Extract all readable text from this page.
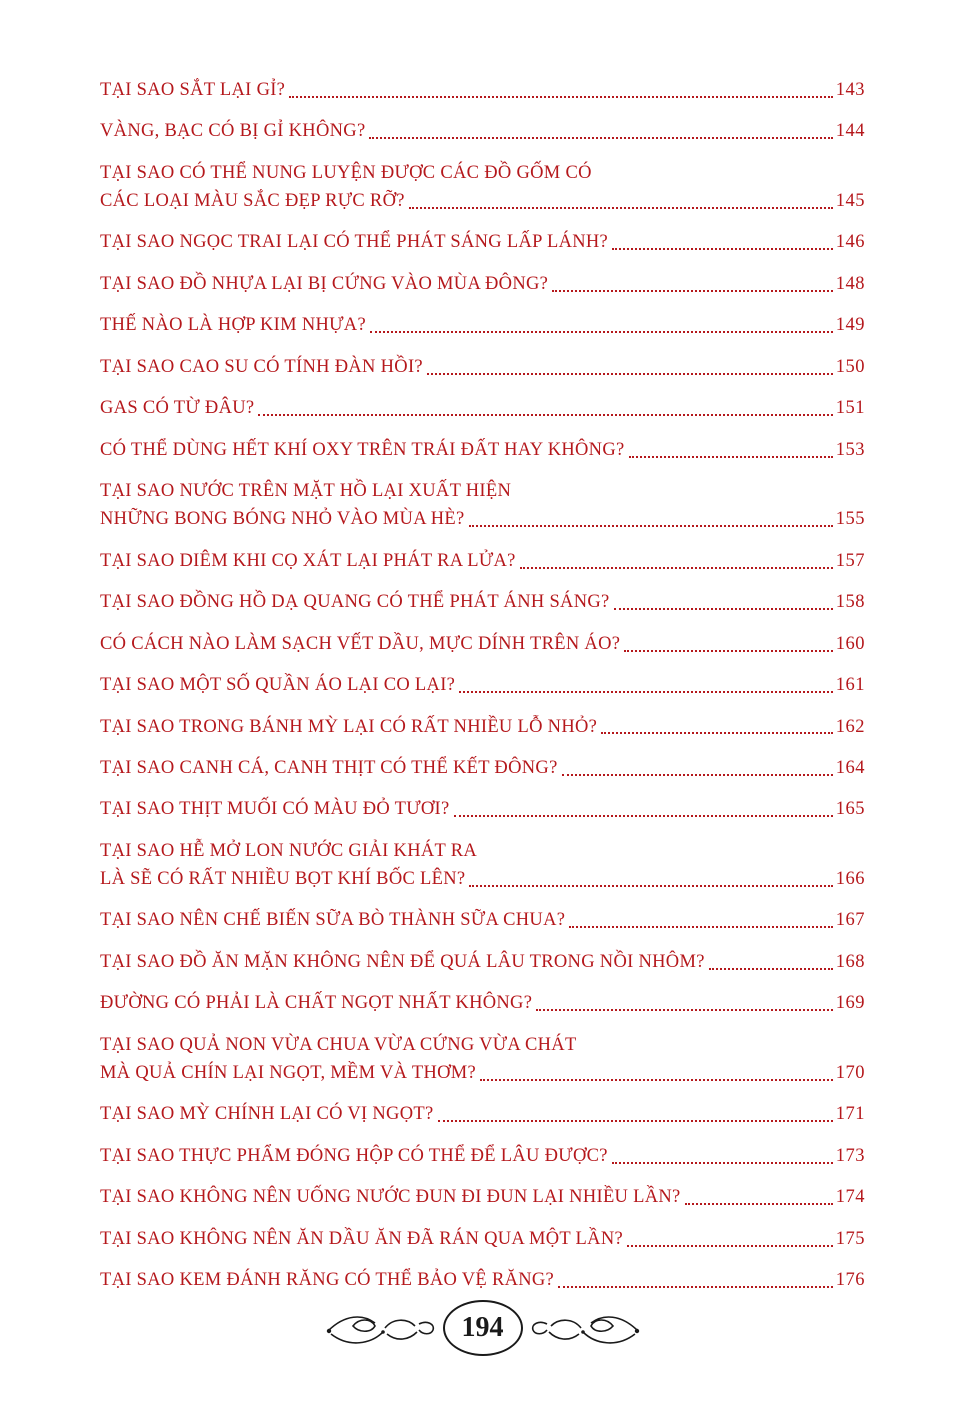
TẠI SAO SẮT LẠI GỈ?	143
VÀNG, BẠC CÓ BỊ GỈ KHÔNG?	144
TẠI SAO CÓ THỂ NUNG LUYỆN ĐƯỢC CÁC ĐỒ GỐM CÓ
CÁC LOẠI MÀU SẮC ĐẸP RỰC RỠ?	145
TẠI SAO NGỌC TRAI LẠI CÓ THỂ PHÁT SÁNG LẤP LÁNH?	146
TẠI SAO ĐỒ NHỰA LẠI BỊ CỨNG VÀO MÙA ĐÔNG?	148
THẾ NÀO LÀ HỢP KIM NHỰA?	149
TẠI SAO CAO SU CÓ TÍNH ĐÀN HỒI?	150
GAS CÓ TỪ ĐÂU?	151
CÓ THỂ DÙNG HẾT KHÍ OXY TRÊN TRÁI ĐẤT HAY KHÔNG?	153
TẠI SAO NƯỚC TRÊN MẶT HỒ LẠI XUẤT HIỆN
NHỮNG BONG BÓNG NHỎ VÀO MÙA HÈ?	155
TẠI SAO DIÊM KHI CỌ XÁT LẠI PHÁT RA LỬA?	157
TẠI SAO ĐỒNG HỒ DẠ QUANG CÓ THỂ PHÁT ÁNH SÁNG?	158
CÓ CÁCH NÀO LÀM SẠCH VẾT DẦU, MỰC DÍNH TRÊN ÁO?	160
TẠI SAO MỘT SỐ QUẦN ÁO LẠI CO LẠI?	161
TẠI SAO TRONG BÁNH MỲ LẠI CÓ RẤT NHIỀU LỖ NHỎ?	162
TẠI SAO CANH CÁ, CANH THỊT CÓ THỂ KẾT ĐÔNG?	164
TẠI SAO THỊT MUỐI CÓ MÀU ĐỎ TƯƠI?	165
TẠI SAO HỄ MỞ LON NƯỚC GIẢI KHÁT RA
LÀ SẼ CÓ RẤT NHIỀU BỌT KHÍ BỐC LÊN?	166
TẠI SAO NÊN CHẾ BIẾN SỮA BÒ THÀNH SỮA CHUA?	167
TẠI SAO ĐỒ ĂN MẶN KHÔNG NÊN ĐỂ QUÁ LÂU TRONG NỒI NHÔM?	168
ĐƯỜNG CÓ PHẢI LÀ CHẤT NGỌT NHẤT KHÔNG?	169
TẠI SAO QUẢ NON VỪA CHUA VỪA CỨNG VỪA CHÁT
MÀ QUẢ CHÍN LẠI NGỌT, MỀM VÀ THƠM?	170
TẠI SAO MỲ CHÍNH LẠI CÓ VỊ NGỌT?	171
TẠI SAO THỰC PHẨM ĐÓNG HỘP CÓ THỂ ĐỂ LÂU ĐƯỢC?	173
TẠI SAO KHÔNG NÊN UỐNG NƯỚC ĐUN ĐI ĐUN LẠI NHIỀU LẦN?	174
TẠI SAO KHÔNG NÊN ĂN DẦU ĂN ĐÃ RÁN QUA MỘT LẦN?	175
TẠI SAO KEM ĐÁNH RĂNG CÓ THỂ BẢO VỆ RĂNG?	176
194
